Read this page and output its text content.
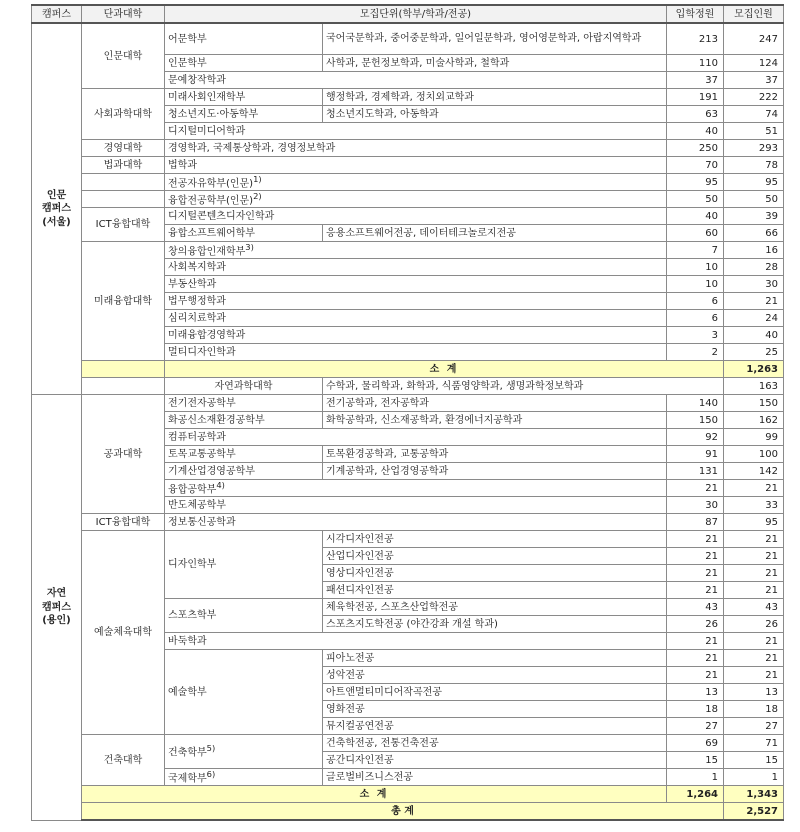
캠퍼스	단과대학	모집단위(학부/학과/전공)		입학정원	모집인원	
인문
캠퍼스
(서울)	인문대학	어문학부	국어국문학과, 중어중문학과, 일어일문학과, 영어영문학과, 아랍지역학과	213	247	
		인문학부	사학과, 문헌정보학과, 미술사학과, 철학과	110	124	
		문예창작학과		37	37	
	사회과학대학	미래사회인재학부	행정학과, 경제학과, 정치외교학과	191	222	
		청소년지도·아동학부	청소년지도학과, 아동학과	63	74	
		디지털미디어학과		40	51	
	경영대학	경영학과, 국제통상학과, 경영정보학과		250	293	
	법과대학	법학과		70	78	
		전공자유학부(인문)$^{1)}$		95	95	
		융합전공학부(인문)$^{2)}$		50	50	
	ICT융합대학	디지털콘텐츠디자인학과		40	39	
		융합소프트웨어학부	응용소프트웨어전공, 데이터테크놀로지전공	60	66	
	미래융합대학	창의융합인재학부$^{3)}$		7	16	
		사회복지학과		10	28	
		부동산학과		10	30	
		법무행정학과		6	21	
		심리치료학과		6	24	
		미래융합경영학과		3	40	
		멀티디자인학과		2	25	
		소 계			1,263	
		자연과학대학	수학과, 물리학과, 화학과, 식품영양학과, 생명과학정보학과		163	
자연
캠퍼스
(용인)	공과대학	전기전자공학부	전기공학과, 전자공학과	140	150	
		화공신소재환경공학부	화학공학과, 신소재공학과, 환경에너지공학과	150	162	
		컴퓨터공학과		92	99	
		토목교통공학부	토목환경공학과, 교통공학과	91	100	
		기계산업경영공학부	기계공학과, 산업경영공학과	131	142	
		융합공학부$^{4)}$		21	21	
		반도체공학부		30	33	
	ICT융합대학	정보통신공학과		87	95	
	예술체육대학	디자인학부	시각디자인전공	21	21	
			산업디자인전공	21	21	
			영상디자인전공	21	21	
			패션디자인전공	21	21	
		스포츠학부	체육학전공, 스포츠산업학전공	43	43	
			스포츠지도학전공 (야간강좌 개설 학과)	26	26	
		바둑학과		21	21	
		예술학부	피아노전공	21	21	
			성악전공	21	21	
			아트앤멀티미디어작곡전공	13	13	
			영화전공	18	18	
			뮤지컬공연전공	27	27	
	건축대학	건축학부$^{5)}$	건축학전공, 전통건축전공	69	71	
			공간디자인전공	15	15	
		국제학부$^{6)}$	글로벌비즈니스전공	1	1	
	소 계			1,264	1,343	
	총 계				2,527	
